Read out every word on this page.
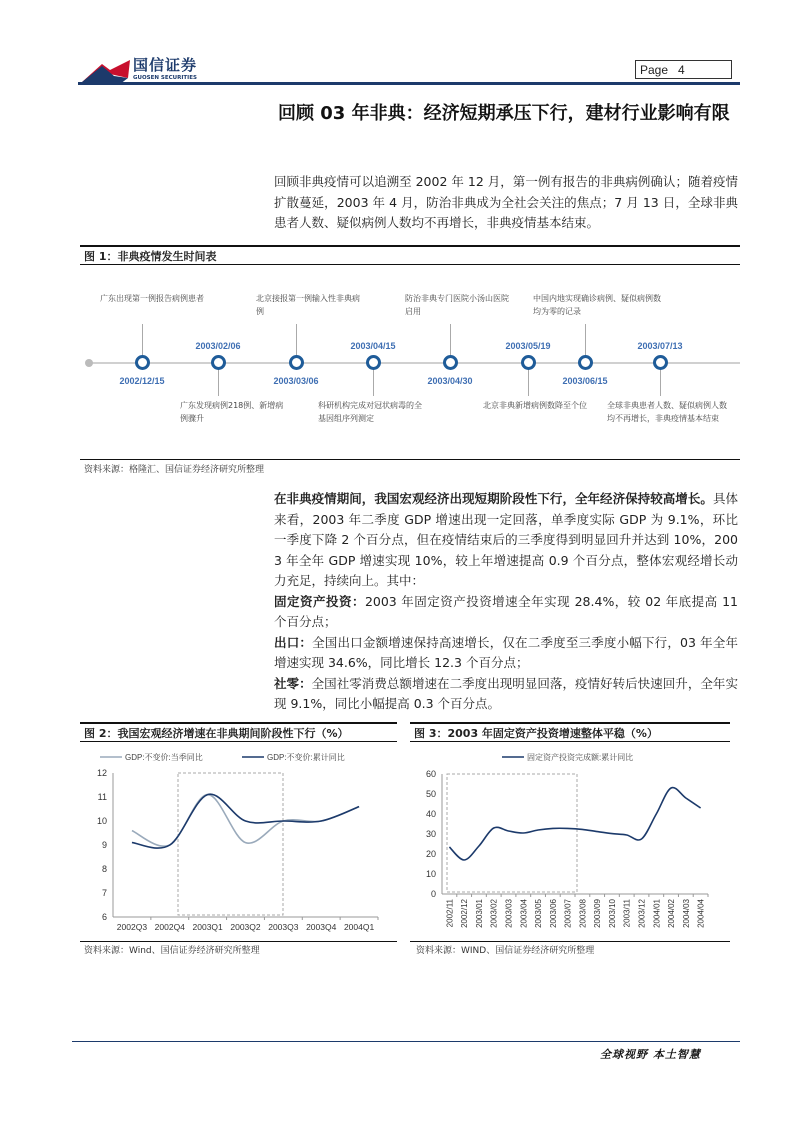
国信证券
GUOSEN SECURITIES
Page 4
回顾 03 年非典：经济短期承压下行，建材行业影响有限
回顾非典疫情可以追溯至 2002 年 12 月，第一例有报告的非典病例确认；随着疫情扩散蔓延，2003 年 4 月，防治非典成为全社会关注的焦点；7 月 13 日，全球非典患者人数、疑似病例人数均不再增长，非典疫情基本结束。
图 1：非典疫情发生时间表
2002/12/15
广东出现第一例报告病例患者
2003/02/06
广东发现病例218例、新增病例骤升
2003/03/06
北京接报第一例输入性非典病例
2003/04/15
科研机构完成对冠状病毒的全基因组序列测定
2003/04/30
防治非典专门医院小汤山医院启用
2003/05/19
北京非典新增病例数降至个位
2003/06/15
中国内地实现确诊病例、疑似病例数均为零的记录
2003/07/13
全球非典患者人数、疑似病例人数均不再增长，非典疫情基本结束
资料来源：格隆汇、国信证券经济研究所整理

在非典疫情期间，我国宏观经济出现短期阶段性下行，全年经济保持较高增长。具体来看，2003 年二季度 GDP 增速出现一定回落，单季度实际 GDP 为 9.1%，环比一季度下降 2 个百分点，但在疫情结束后的三季度得到明显回升并达到 10%，2003 年全年 GDP 增速实现 10%，较上年增速提高 0.9 个百分点，整体宏观经增长动力充足，持续向上。其中：

固定资产投资：2003 年固定资产投资增速全年实现 28.4%，较 02 年底提高 11 个百分点；

出口：全国出口金额增速保持高速增长，仅在二季度至三季度小幅下行，03 年全年增速实现 34.6%，同比增长 12.3 个百分点；

社零：全国社零消费总额增速在二季度出现明显回落，疫情好转后快速回升，全年实现 9.1%，同比小幅提高 0.3 个百分点。

图 2：我国宏观经济增速在非典期间阶段性下行（%）	图 3：2003 年固定资产投资增速整体平稳（%）
6
7
8
9
10
11
12
2002Q3 2002Q4 2003Q1 2003Q2 2003Q3 2003Q4 2004Q1
GDP:不变价:当季同比	GDP:不变价:累计同比
0
10
20
30
40
50
60
2002/11 2002/12 2003/01 2003/02 2003/03 2003/04 2003/05 2003/06 2003/07 2003/08 2003/09 2003/10 2003/11 2003/12 2004/01 2004/02 2004/03 2004/04
固定资产投资完成额:累计同比
资料来源：Wind、国信证券经济研究所整理	资料来源：WIND、国信证券经济研究所整理
全球视野 本土智慧
